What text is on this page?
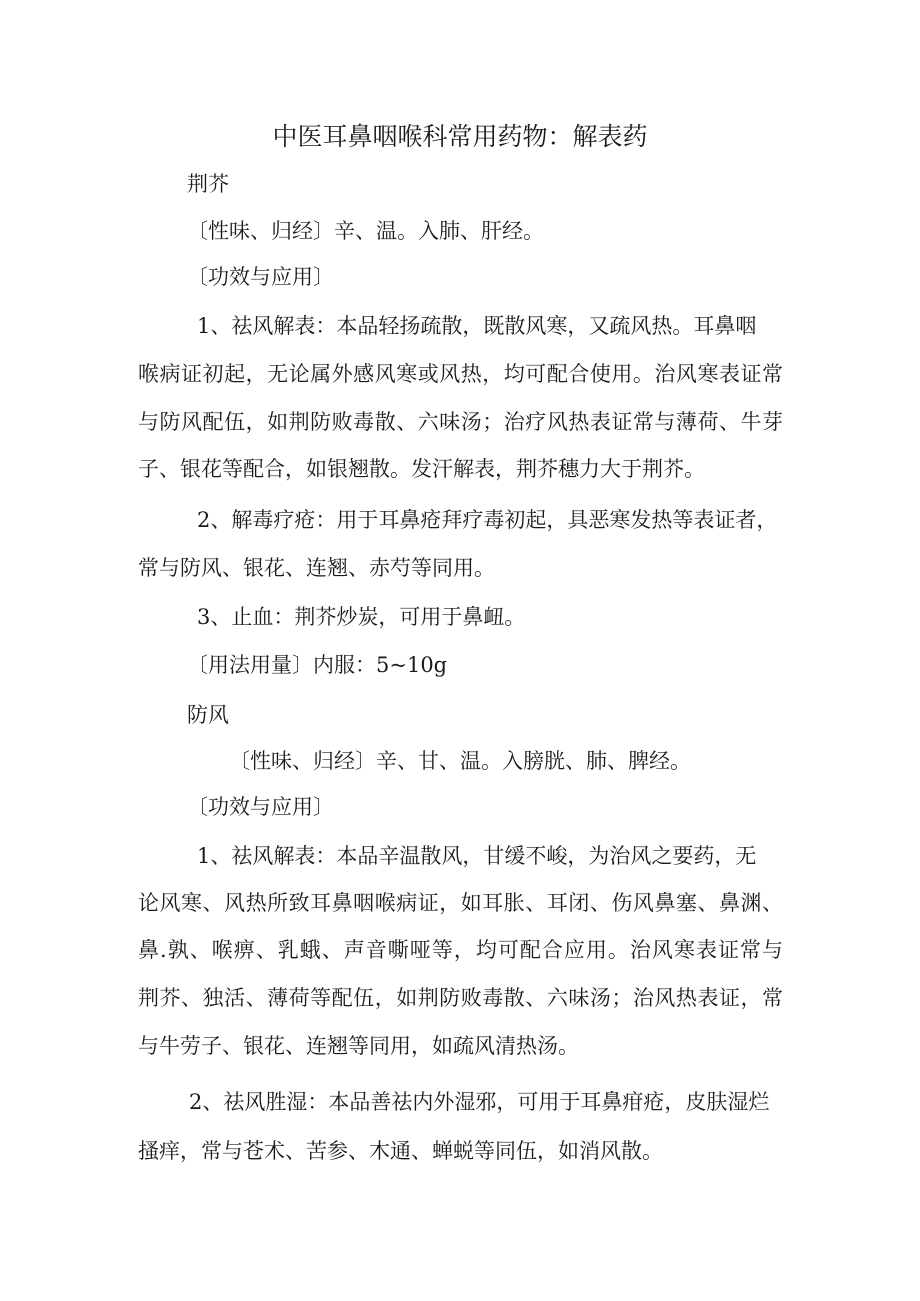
中医耳鼻咽喉科常用药物：解表药
荆芥
〔性味、归经〕辛、温。入肺、肝经。
〔功效与应用〕
1、祛风解表：本品轻扬疏散，既散风寒，又疏风热。耳鼻咽
喉病证初起，无论属外感风寒或风热，均可配合使用。治风寒表证常
与防风配伍，如荆防败毒散、六味汤；治疗风热表证常与薄荷、牛芽
子、银花等配合，如银翘散。发汗解表，荆芥穗力大于荆芥。
2、解毒疗疮：用于耳鼻疮拜疗毒初起，具恶寒发热等表证者，
常与防风、银花、连翘、赤芍等同用。
3、止血：荆芥炒炭，可用于鼻衄。
〔用法用量〕内服：5~10g
防风
〔性味、归经〕辛、甘、温。入膀胱、肺、脾经。
〔功效与应用〕
1、祛风解表：本品辛温散风，甘缓不峻，为治风之要药，无
论风寒、风热所致耳鼻咽喉病证，如耳胀、耳闭、伤风鼻塞、鼻渊、
鼻.孰、喉痹、乳蛾、声音嘶哑等，均可配合应用。治风寒表证常与
荆芥、独活、薄荷等配伍，如荆防败毒散、六味汤；治风热表证，常
与牛劳子、银花、连翘等同用，如疏风清热汤。
2、祛风胜湿：本品善祛内外湿邪，可用于耳鼻疳疮，皮肤湿烂
搔痒，常与苍术、苦参、木通、蝉蜕等同伍，如消风散。
